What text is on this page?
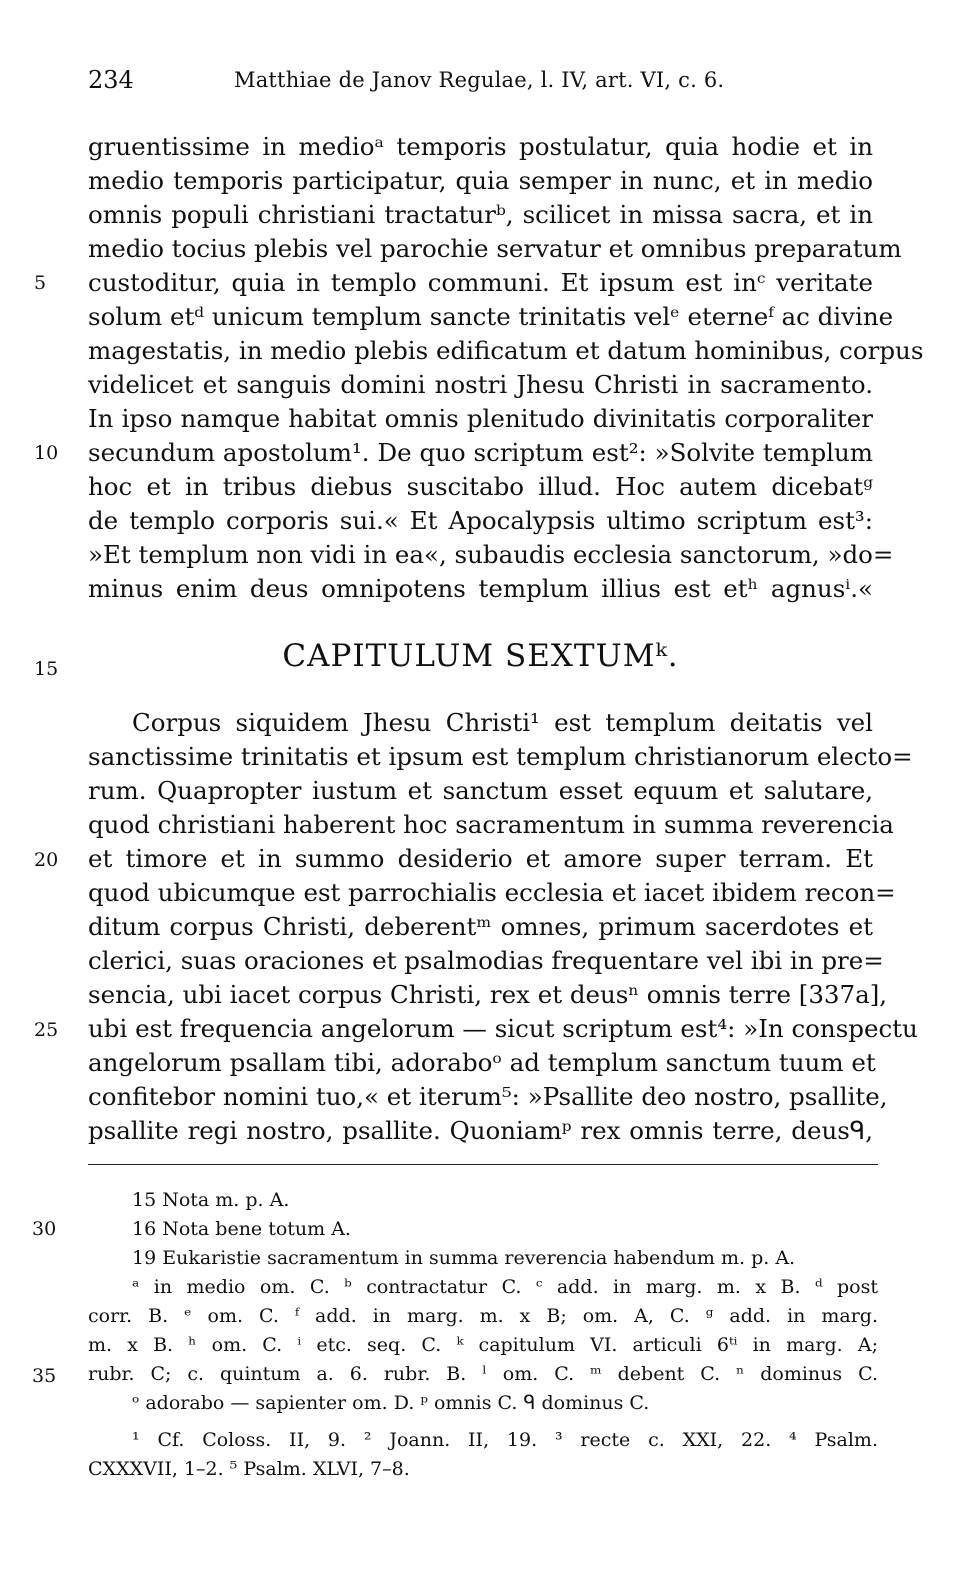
234	Matthiae de Janov Regulae, l. IV, art. VI, c. 6.
5
10
15
20
25
gruentissime in medioᵃ temporis postulatur, quia hodie et in
medio temporis participatur, quia semper in nunc, et in medio
omnis populi christiani tractaturᵇ, scilicet in missa sacra, et in
medio tocius plebis vel parochie servatur et omnibus preparatum
custoditur, quia in templo communi. Et ipsum est inᶜ veritate
solum etᵈ unicum templum sancte trinitatis velᵉ eterneᶠ ac divine
magestatis, in medio plebis edificatum et datum hominibus, corpus
videlicet et sanguis domini nostri Jhesu Christi in sacramento.
In ipso namque habitat omnis plenitudo divinitatis corporaliter
secundum apostolum¹. De quo scriptum est²: »Solvite templum
hoc et in tribus diebus suscitabo illud. Hoc autem dicebatᵍ
de templo corporis sui.« Et Apocalypsis ultimo scriptum est³:
»Et templum non vidi in ea«, subaudis ecclesia sanctorum, »do=
minus enim deus omnipotens templum illius est etʰ agnusⁱ.«
CAPITULUM SEXTUMᵏ.
Corpus siquidem Jhesu Christi¹ est templum deitatis vel
sanctissime trinitatis et ipsum est templum christianorum electo=
rum. Quapropter iustum et sanctum esset equum et salutare,
quod christiani haberent hoc sacramentum in summa reverencia
et timore et in summo desiderio et amore super terram. Et
quod ubicumque est parrochialis ecclesia et iacet ibidem recon=
ditum corpus Christi, deberentᵐ omnes, primum sacerdotes et
clerici, suas oraciones et psalmodias frequentare vel ibi in pre=
sencia, ubi iacet corpus Christi, rex et deusⁿ omnis terre [337a],
ubi est frequencia angelorum — sicut scriptum est⁴: »In conspectu
angelorum psallam tibi, adoraboᵒ ad templum sanctum tuum et
confitebor nomini tuo,« et iterum⁵: »Psallite deo nostro, psallite,
psallite regi nostro, psallite. Quoniamᵖ rex omnis terre, deusᑫ,
30
35
15 Nota m. p. A.
16 Nota bene totum A.
19 Eukaristie sacramentum in summa reverencia habendum m. p. A.
ᵃ in medio om. C. ᵇ contractatur C. ᶜ add. in marg. m. x B. ᵈ post
corr. B. ᵉ om. C. ᶠ add. in marg. m. x B; om. A, C. ᵍ add. in marg.
m. x B. ʰ om. C. ⁱ etc. seq. C. ᵏ capitulum VI. articuli 6ᵗⁱ in marg. A;
rubr. C; c. quintum a. 6. rubr. B. ˡ om. C. ᵐ debent C. ⁿ dominus C.
ᵒ adorabo — sapienter om. D. ᵖ omnis C. ᑫ dominus C.
¹ Cf. Coloss. II, 9. ² Joann. II, 19. ³ recte c. XXI, 22. ⁴ Psalm.
CXXXVII, 1–2. ⁵ Psalm. XLVI, 7–8.
